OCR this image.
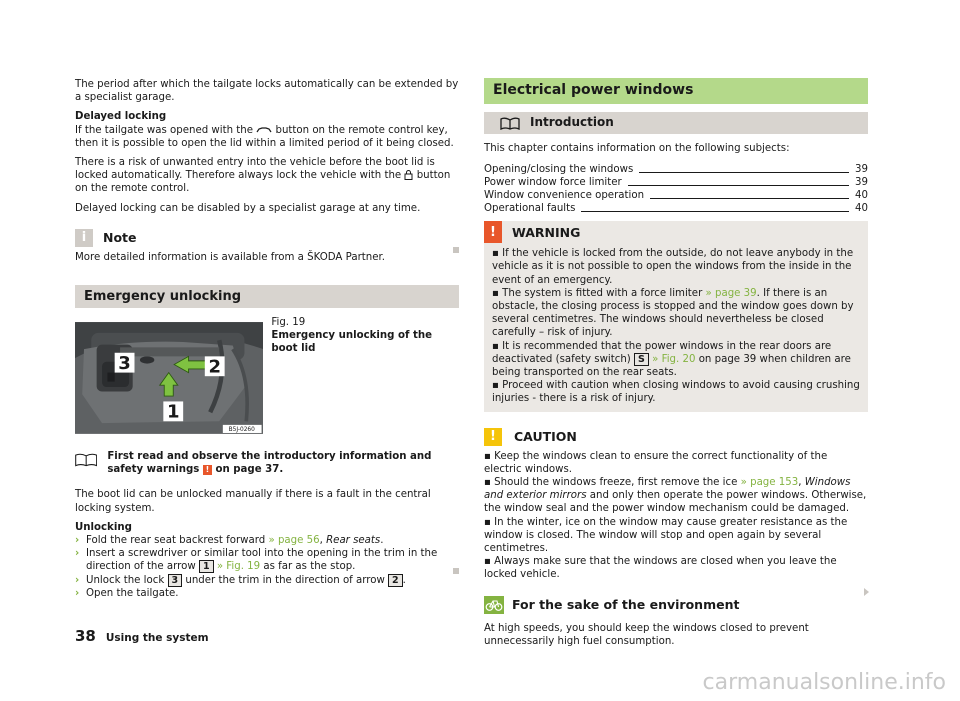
The period after which the tailgate locks automatically can be extended by a specialist garage.

Delayed locking

If the tailgate was opened with the button on the remote control key, then it is possible to open the lid within a limited period of it being closed.

There is a risk of unwanted entry into the vehicle before the boot lid is locked automatically. Therefore always lock the vehicle with the button on the remote control.

Delayed locking can be disabled by a specialist garage at any time.

i	Note

More detailed information is available from a ŠKODA Partner.

Emergency unlocking
3	2
1
B5J-0260
Fig. 19
Emergency unlocking of the boot lid
First read and observe the introductory information and safety warnings ! on page 37.

The boot lid can be unlocked manually if there is a fault in the central locking system.

Unlocking
› Fold the rear seat backrest forward » page 56, Rear seats.
› Insert a screwdriver or similar tool into the opening in the trim in the direction of the arrow 1 » Fig. 19 as far as the stop.
› Unlock the lock 3 under the trim in the direction of arrow 2 .
› Open the tailgate.
Electrical power windows
Introduction

This chapter contains information on the following subjects:

Opening/closing the windows	39
Power window force limiter	39
Window convenience operation	40
Operational faults	40
!	WARNING
▪ If the vehicle is locked from the outside, do not leave anybody in the vehicle as it is not possible to open the windows from the inside in the event of an emergency.
▪ The system is fitted with a force limiter » page 39. If there is an obstacle, the closing process is stopped and the window goes down by several centimetres. The windows should nevertheless be closed carefully – risk of injury.
▪ It is recommended that the power windows in the rear doors are deactivated (safety switch) S » Fig. 20 on page 39 when children are being transported on the rear seats.
▪ Proceed with caution when closing windows to avoid causing crushing injuries - there is a risk of injury.
!	CAUTION
▪ Keep the windows clean to ensure the correct functionality of the electric windows.
▪ Should the windows freeze, first remove the ice » page 153, Windows and exterior mirrors and only then operate the power windows. Otherwise, the window seal and the power window mechanism could be damaged.
▪ In the winter, ice on the window may cause greater resistance as the window is closed. The window will stop and open again by several centimetres.
▪ Always make sure that the windows are closed when you leave the locked vehicle.
For the sake of the environment

At high speeds, you should keep the windows closed to prevent unnecessarily high fuel consumption.

38 Using the system
carmanualsonline.info
